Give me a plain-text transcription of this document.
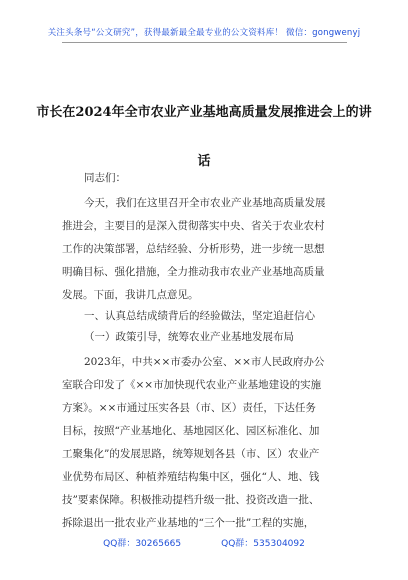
关注头条号“公文研究”，获得最新最全最专业的公文资料库！ 微信：gongwenyj
市长在2024年全市农业产业基地高质量发展推进会上的讲
话
同志们：
今天，我们在这里召开全市农业产业基地高质量发展
推进会，主要目的是深入贯彻落实中央、省关于农业农村
工作的决策部署，总结经验、分析形势，进一步统一思想
明确目标、强化措施，全力推动我市农业产业基地高质量
发展。下面，我讲几点意见。
一、认真总结成绩背后的经验做法，坚定追赶信心
（一）政策引导，统筹农业产业基地发展布局
2023年，中共××市委办公室、××市人民政府办公
室联合印发了《××市加快现代农业产业基地建设的实施
方案》。××市通过压实各县（市、区）责任，下达任务
目标，按照“产业基地化、基地园区化、园区标准化、加
工聚集化”的发展思路，统筹规划各县（市、区）农业产
业优势布局区、种植养殖结构集中区，强化“人、地、钱
技”要素保障。积极推动提档升级一批、投资改造一批、
拆除退出一批农业产业基地的“三个一批”工程的实施，
QQ群：30265665	QQ群：535304092
